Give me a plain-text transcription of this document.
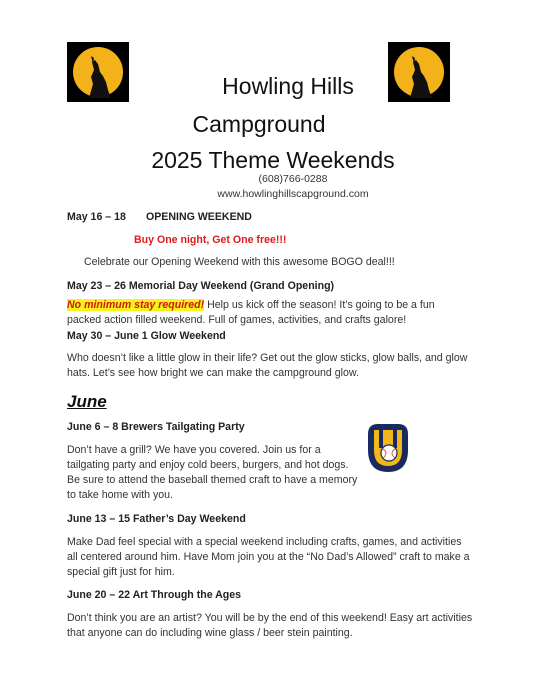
Howling Hills
Campground
2025 Theme Weekends
(608)766-0288
www.howlinghillscapground.com
May 16 – 18 OPENING WEEKEND
Buy One night, Get One free!!!
Celebrate our Opening Weekend with this awesome BOGO deal!!!
May 23 – 26 Memorial Day Weekend (Grand Opening)
No minimum stay required! Help us kick off the season! It’s going to be a fun
packed action filled weekend. Full of games, activities, and crafts galore!
May 30 – June 1 Glow Weekend
Who doesn’t like a little glow in their life? Get out the glow sticks, glow balls, and glow
hats. Let’s see how bright we can make the campground glow.
June
June 6 – 8 Brewers Tailgating Party
Don’t have a grill? We have you covered. Join us for a
tailgating party and enjoy cold beers, burgers, and hot dogs.
Be sure to attend the baseball themed craft to have a memory
to take home with you.
June 13 – 15 Father’s Day Weekend
Make Dad feel special with a special weekend including crafts, games, and activities
all centered around him. Have Mom join you at the “No Dad’s Allowed” craft to make a
special gift just for him.
June 20 – 22 Art Through the Ages
Don’t think you are an artist? You will be by the end of this weekend! Easy art activities
that anyone can do including wine glass / beer stein painting.
